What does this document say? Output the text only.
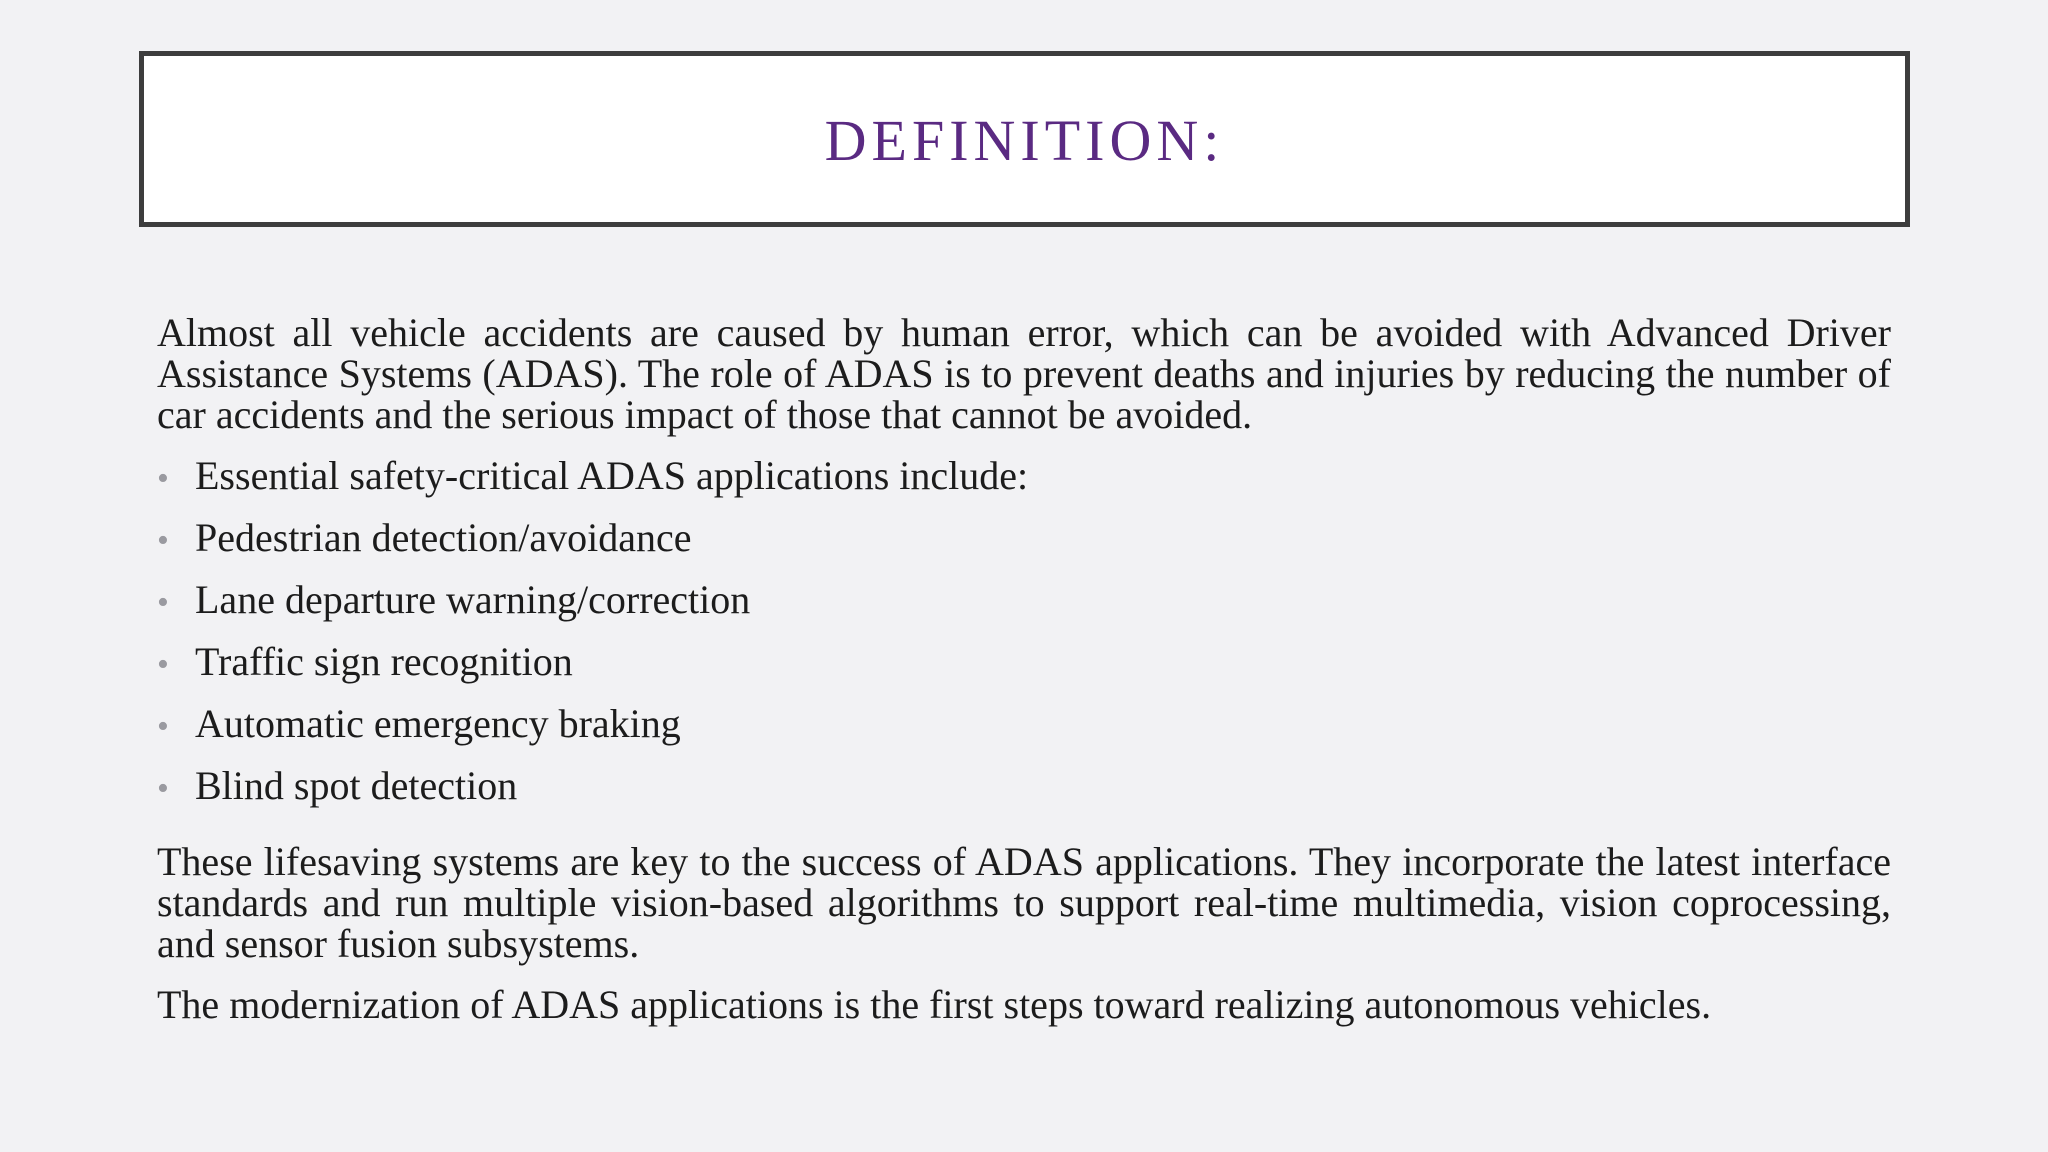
DEFINITION:

Almost all vehicle accidents are caused by human error, which can be avoided with Advanced Driver Assistance Systems (ADAS). The role of ADAS is to prevent deaths and injuries by reducing the number of car accidents and the serious impact of those that cannot be avoided.

• Essential safety-critical ADAS applications include:
• Pedestrian detection/avoidance
• Lane departure warning/correction
• Traffic sign recognition
• Automatic emergency braking
• Blind spot detection

These lifesaving systems are key to the success of ADAS applications. They incorporate the latest interface standards and run multiple vision-based algorithms to support real-time multimedia, vision coprocessing, and sensor fusion subsystems.

The modernization of ADAS applications is the first steps toward realizing autonomous vehicles.
